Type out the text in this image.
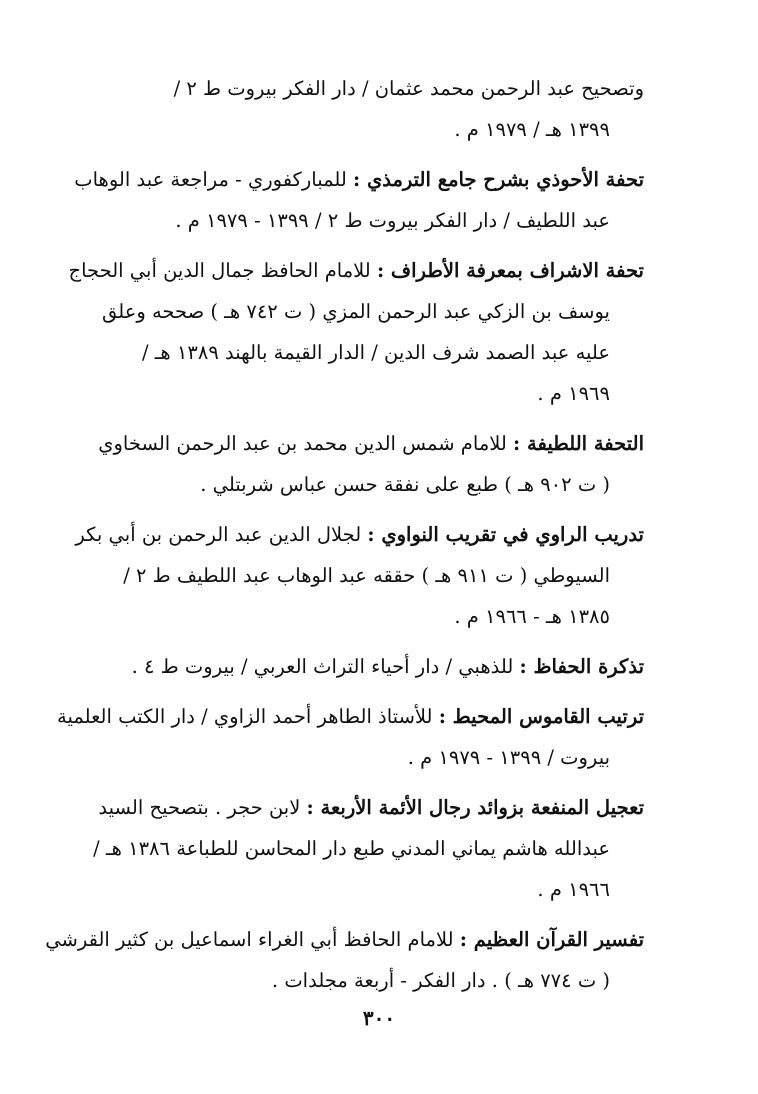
وتصحيح عبد الرحمن محمد عثمان / دار الفكر بيروت ط ٢ /
١٣٩٩ هـ / ١٩٧٩ م .

تحفة الأحوذي بشرح جامع الترمذي : للمباركفوري - مراجعة عبد الوهاب
عبد اللطيف / دار الفكر بيروت ط ٢ / ١٣٩٩ - ١٩٧٩ م .

تحفة الاشراف بمعرفة الأطراف : للامام الحافظ جمال الدين أبي الحجاج
يوسف بن الزكي عبد الرحمن المزي ( ت ٧٤٢ هـ ) صححه وعلق
عليه عبد الصمد شرف الدين / الدار القيمة بالهند ١٣٨٩ هـ /
١٩٦٩ م .

التحفة اللطيفة : للامام شمس الدين محمد بن عبد الرحمن السخاوي
( ت ٩٠٢ هـ ) طبع على نفقة حسن عباس شربتلي .

تدريب الراوي في تقريب النواوي : لجلال الدين عبد الرحمن بن أبي بكر
السيوطي ( ت ٩١١ هـ ) حققه عبد الوهاب عبد اللطيف ط ٢ /
١٣٨٥ هـ - ١٩٦٦ م .

تذكرة الحفاظ : للذهبي / دار أحياء التراث العربي / بيروت ط ٤ .

ترتيب القاموس المحيط : للأستاذ الطاهر أحمد الزاوي / دار الكتب العلمية
بيروت / ١٣٩٩ - ١٩٧٩ م .

تعجيل المنفعة بزوائد رجال الأئمة الأربعة : لابن حجر . بتصحيح السيد
عبدالله هاشم يماني المدني طبع دار المحاسن للطباعة ١٣٨٦ هـ /
١٩٦٦ م .

تفسير القرآن العظيم : للامام الحافظ أبي الغراء اسماعيل بن كثير القرشي
( ت ٧٧٤ هـ ) . دار الفكر - أربعة مجلدات .

٣٠٠
